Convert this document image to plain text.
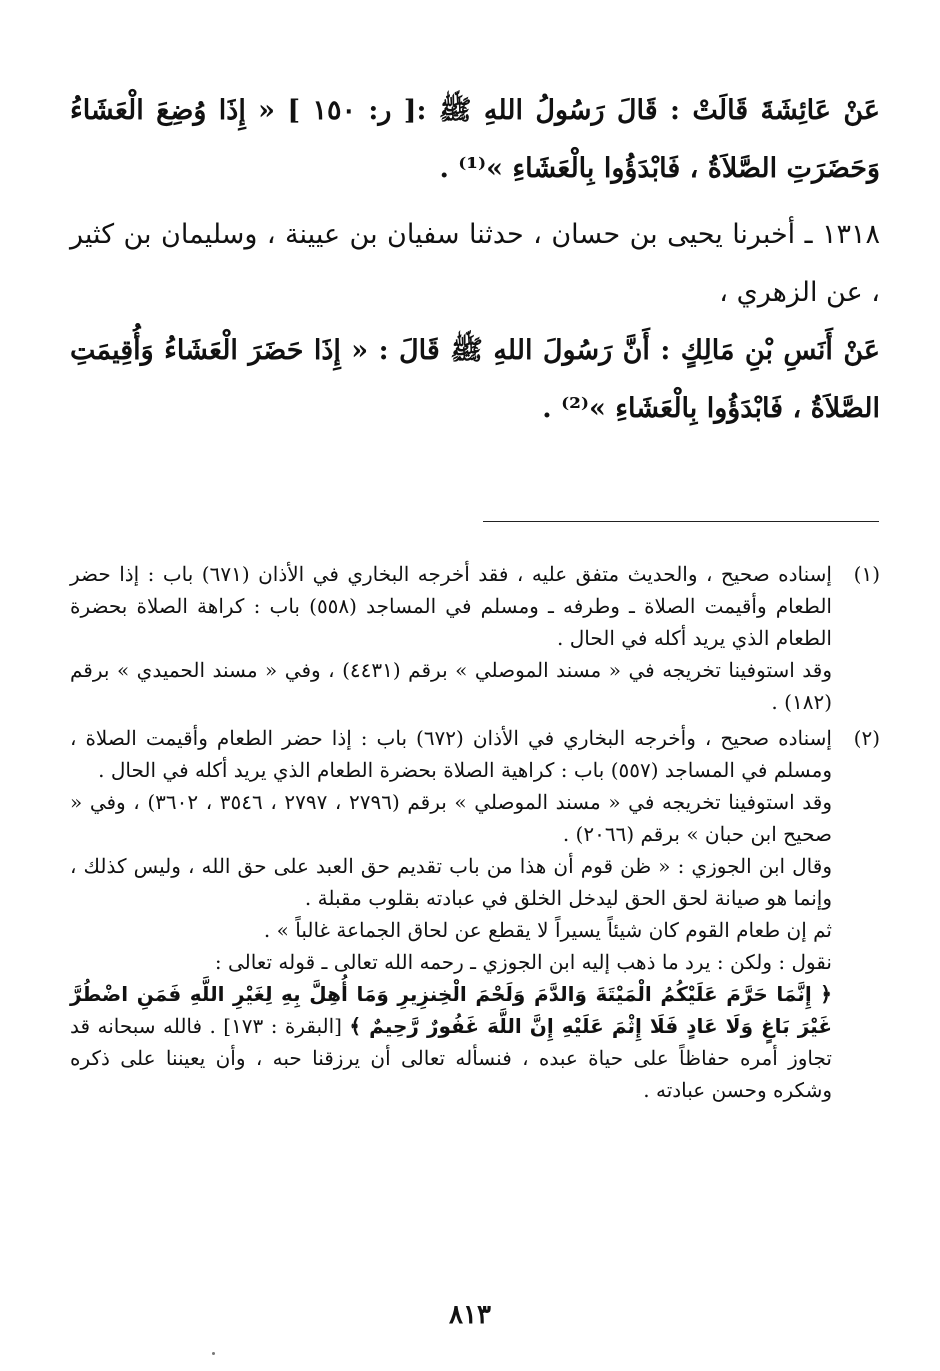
عَنْ عَائِشَةَ قَالَتْ : قَالَ رَسُولُ اللهِ ﷺ :[ ر: ١٥٠ ] « إِذَا وُضِعَ الْعَشَاءُ وَحَضَرَتِ الصَّلاَةُ ، فَابْدَؤُوا بِالْعَشَاءِ »⁽¹⁾ .

١٣١٨ ـ أخبرنا يحيى بن حسان ، حدثنا سفيان بن عيينة ، وسليمان بن كثير ، عن الزهري ،

عَنْ أَنَسِ بْنِ مَالِكٍ : أَنَّ رَسُولَ اللهِ ﷺ قَالَ : « إِذَا حَضَرَ الْعَشَاءُ وَأُقِيمَتِ الصَّلاَةُ ، فَابْدَؤُوا بِالْعَشَاءِ »⁽²⁾ .

(١)

إسناده صحيح ، والحديث متفق عليه ، فقد أخرجه البخاري في الأذان (٦٧١) باب : إذا حضر الطعام وأقيمت الصلاة ـ وطرفه ـ ومسلم في المساجد (٥٥٨) باب : كراهة الصلاة بحضرة الطعام الذي يريد أكله في الحال .

وقد استوفينا تخريجه في « مسند الموصلي » برقم (٤٤٣١) ، وفي « مسند الحميدي » برقم (١٨٢) .

(٢)

إسناده صحيح ، وأخرجه البخاري في الأذان (٦٧٢) باب : إذا حضر الطعام وأقيمت الصلاة ، ومسلم في المساجد (٥٥٧) باب : كراهية الصلاة بحضرة الطعام الذي يريد أكله في الحال .

وقد استوفينا تخريجه في « مسند الموصلي » برقم (٢٧٩٦ ، ٢٧٩٧ ، ٣٥٤٦ ، ٣٦٠٢) ، وفي « صحيح ابن حبان » برقم (٢٠٦٦) .

وقال ابن الجوزي : « ظن قوم أن هذا من باب تقديم حق العبد على حق الله ، وليس كذلك ، وإنما هو صيانة لحق الحق ليدخل الخلق في عبادته بقلوب مقبلة .

ثم إن طعام القوم كان شيئاً يسيراً لا يقطع عن لحاق الجماعة غالباً » .

نقول : ولكن : يرد ما ذهب إليه ابن الجوزي ـ رحمه الله تعالى ـ قوله تعالى :

﴿ إِنَّمَا حَرَّمَ عَلَيْكُمُ الْمَيْتَةَ وَالدَّمَ وَلَحْمَ الْخِنزِيرِ وَمَا أُهِلَّ بِهِ لِغَيْرِ اللَّهِ فَمَنِ اضْطُرَّ غَيْرَ بَاغٍ وَلَا عَادٍ فَلَا إِثْمَ عَلَيْهِ إِنَّ اللَّهَ غَفُورٌ رَّحِيمٌ ﴾ [البقرة : ١٧٣] . فالله سبحانه قد تجاوز أمره حفاظاً على حياة عبده ، فنسأله تعالى أن يرزقنا حبه ، وأن يعيننا على ذكره وشكره وحسن عبادته .

٨١٣
